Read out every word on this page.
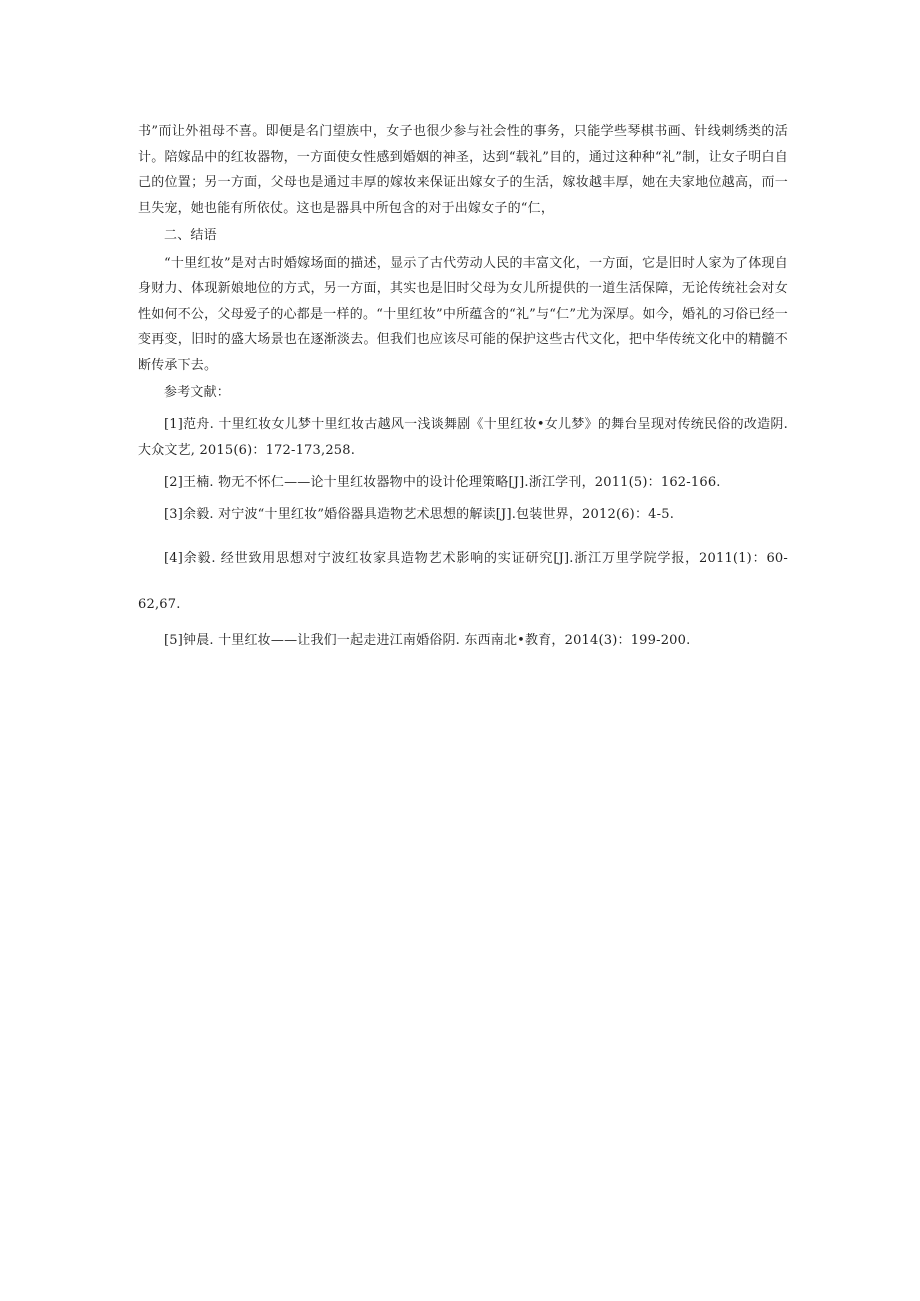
书”而让外祖母不喜。即便是名门望族中，女子也很少参与社会性的事务，只能学些琴棋书画、针线刺绣类的活计。陪嫁品中的红妆器物，一方面使女性感到婚姻的神圣，达到“载礼”目的，通过这种种“礼”制，让女子明白自己的位置；另一方面，父母也是通过丰厚的嫁妆来保证出嫁女子的生活，嫁妆越丰厚，她在夫家地位越高，而一旦失宠，她也能有所依仗。这也是器具中所包含的对于出嫁女子的“仁，

二、结语

“十里红妆”是对古时婚嫁场面的描述，显示了古代劳动人民的丰富文化，一方面，它是旧时人家为了体现自身财力、体现新娘地位的方式，另一方面，其实也是旧时父母为女儿所提供的一道生活保障，无论传统社会对女性如何不公，父母爱子的心都是一样的。“十里红妆”中所蕴含的“礼”与“仁”尤为深厚。如今，婚礼的习俗已经一变再变，旧时的盛大场景也在逐渐淡去。但我们也应该尽可能的保护这些古代文化，把中华传统文化中的精髓不断传承下去。

参考文献：

[1]范舟. 十里红妆女儿梦十里红妆古越风一浅谈舞剧《十里红妆•女儿梦》的舞台呈现对传统民俗的改造阴. 大众文艺, 2015(6)：172-173,258.

[2]王楠. 物无不怀仁——论十里红妆器物中的设计伦理策略[J].浙江学刊，2011(5)：162-166.

[3]余毅. 对宁波“十里红妆”婚俗器具造物艺术思想的解读[J].包装世界，2012(6)：4-5.

[4]余毅. 经世致用思想对宁波红妆家具造物艺术影响的实证研究[J].浙江万里学院学报，2011(1)：60-62,67.

[5]钟晨. 十里红妆——让我们一起走进江南婚俗阴. 东西南北•教育，2014(3)：199-200.
